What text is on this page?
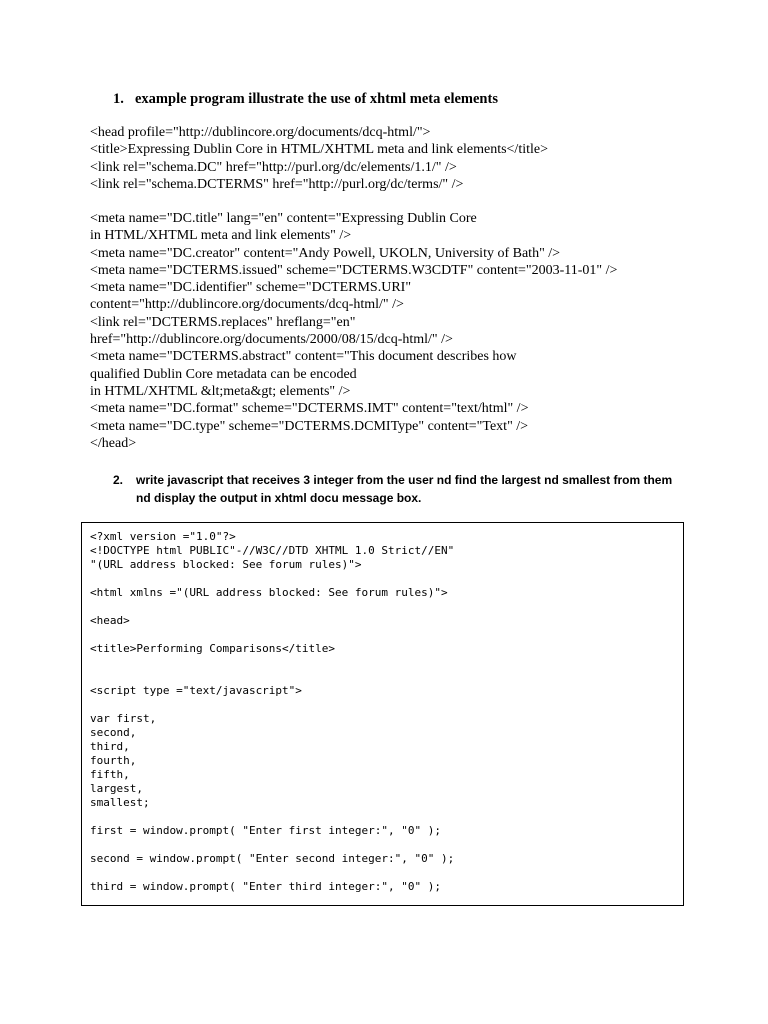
1. example program illustrate the use of xhtml meta elements
<head profile="http://dublincore.org/documents/dcq-html/">
<title>Expressing Dublin Core in HTML/XHTML meta and link elements</title>
<link rel="schema.DC" href="http://purl.org/dc/elements/1.1/" />
<link rel="schema.DCTERMS" href="http://purl.org/dc/terms/" />
<meta name="DC.title" lang="en" content="Expressing Dublin Core
in HTML/XHTML meta and link elements" />
<meta name="DC.creator" content="Andy Powell, UKOLN, University of Bath" />
<meta name="DCTERMS.issued" scheme="DCTERMS.W3CDTF" content="2003-11-01" />
<meta name="DC.identifier" scheme="DCTERMS.URI"
content="http://dublincore.org/documents/dcq-html/" />
<link rel="DCTERMS.replaces" hreflang="en"
href="http://dublincore.org/documents/2000/08/15/dcq-html/" />
<meta name="DCTERMS.abstract" content="This document describes how
qualified Dublin Core metadata can be encoded
in HTML/XHTML &lt;meta&gt; elements" />
<meta name="DC.format" scheme="DCTERMS.IMT" content="text/html" />
<meta name="DC.type" scheme="DCTERMS.DCMIType" content="Text" />
</head>
2.	write javascript that receives 3 integer from the user nd find the largest nd smallest from them nd display the output in xhtml docu message box.
<?xml version ="1.0"?>
<!DOCTYPE html PUBLIC"-//W3C//DTD XHTML 1.0 Strict//EN"
"(URL address blocked: See forum rules)">
<html xmlns ="(URL address blocked: See forum rules)">
<head>
<title>Performing Comparisons</title>
<script type ="text/javascript">
var first,
second,
third,
fourth,
fifth,
largest,
smallest;
first = window.prompt( "Enter first integer:", "0" );
second = window.prompt( "Enter second integer:", "0" );
third = window.prompt( "Enter third integer:", "0" );
